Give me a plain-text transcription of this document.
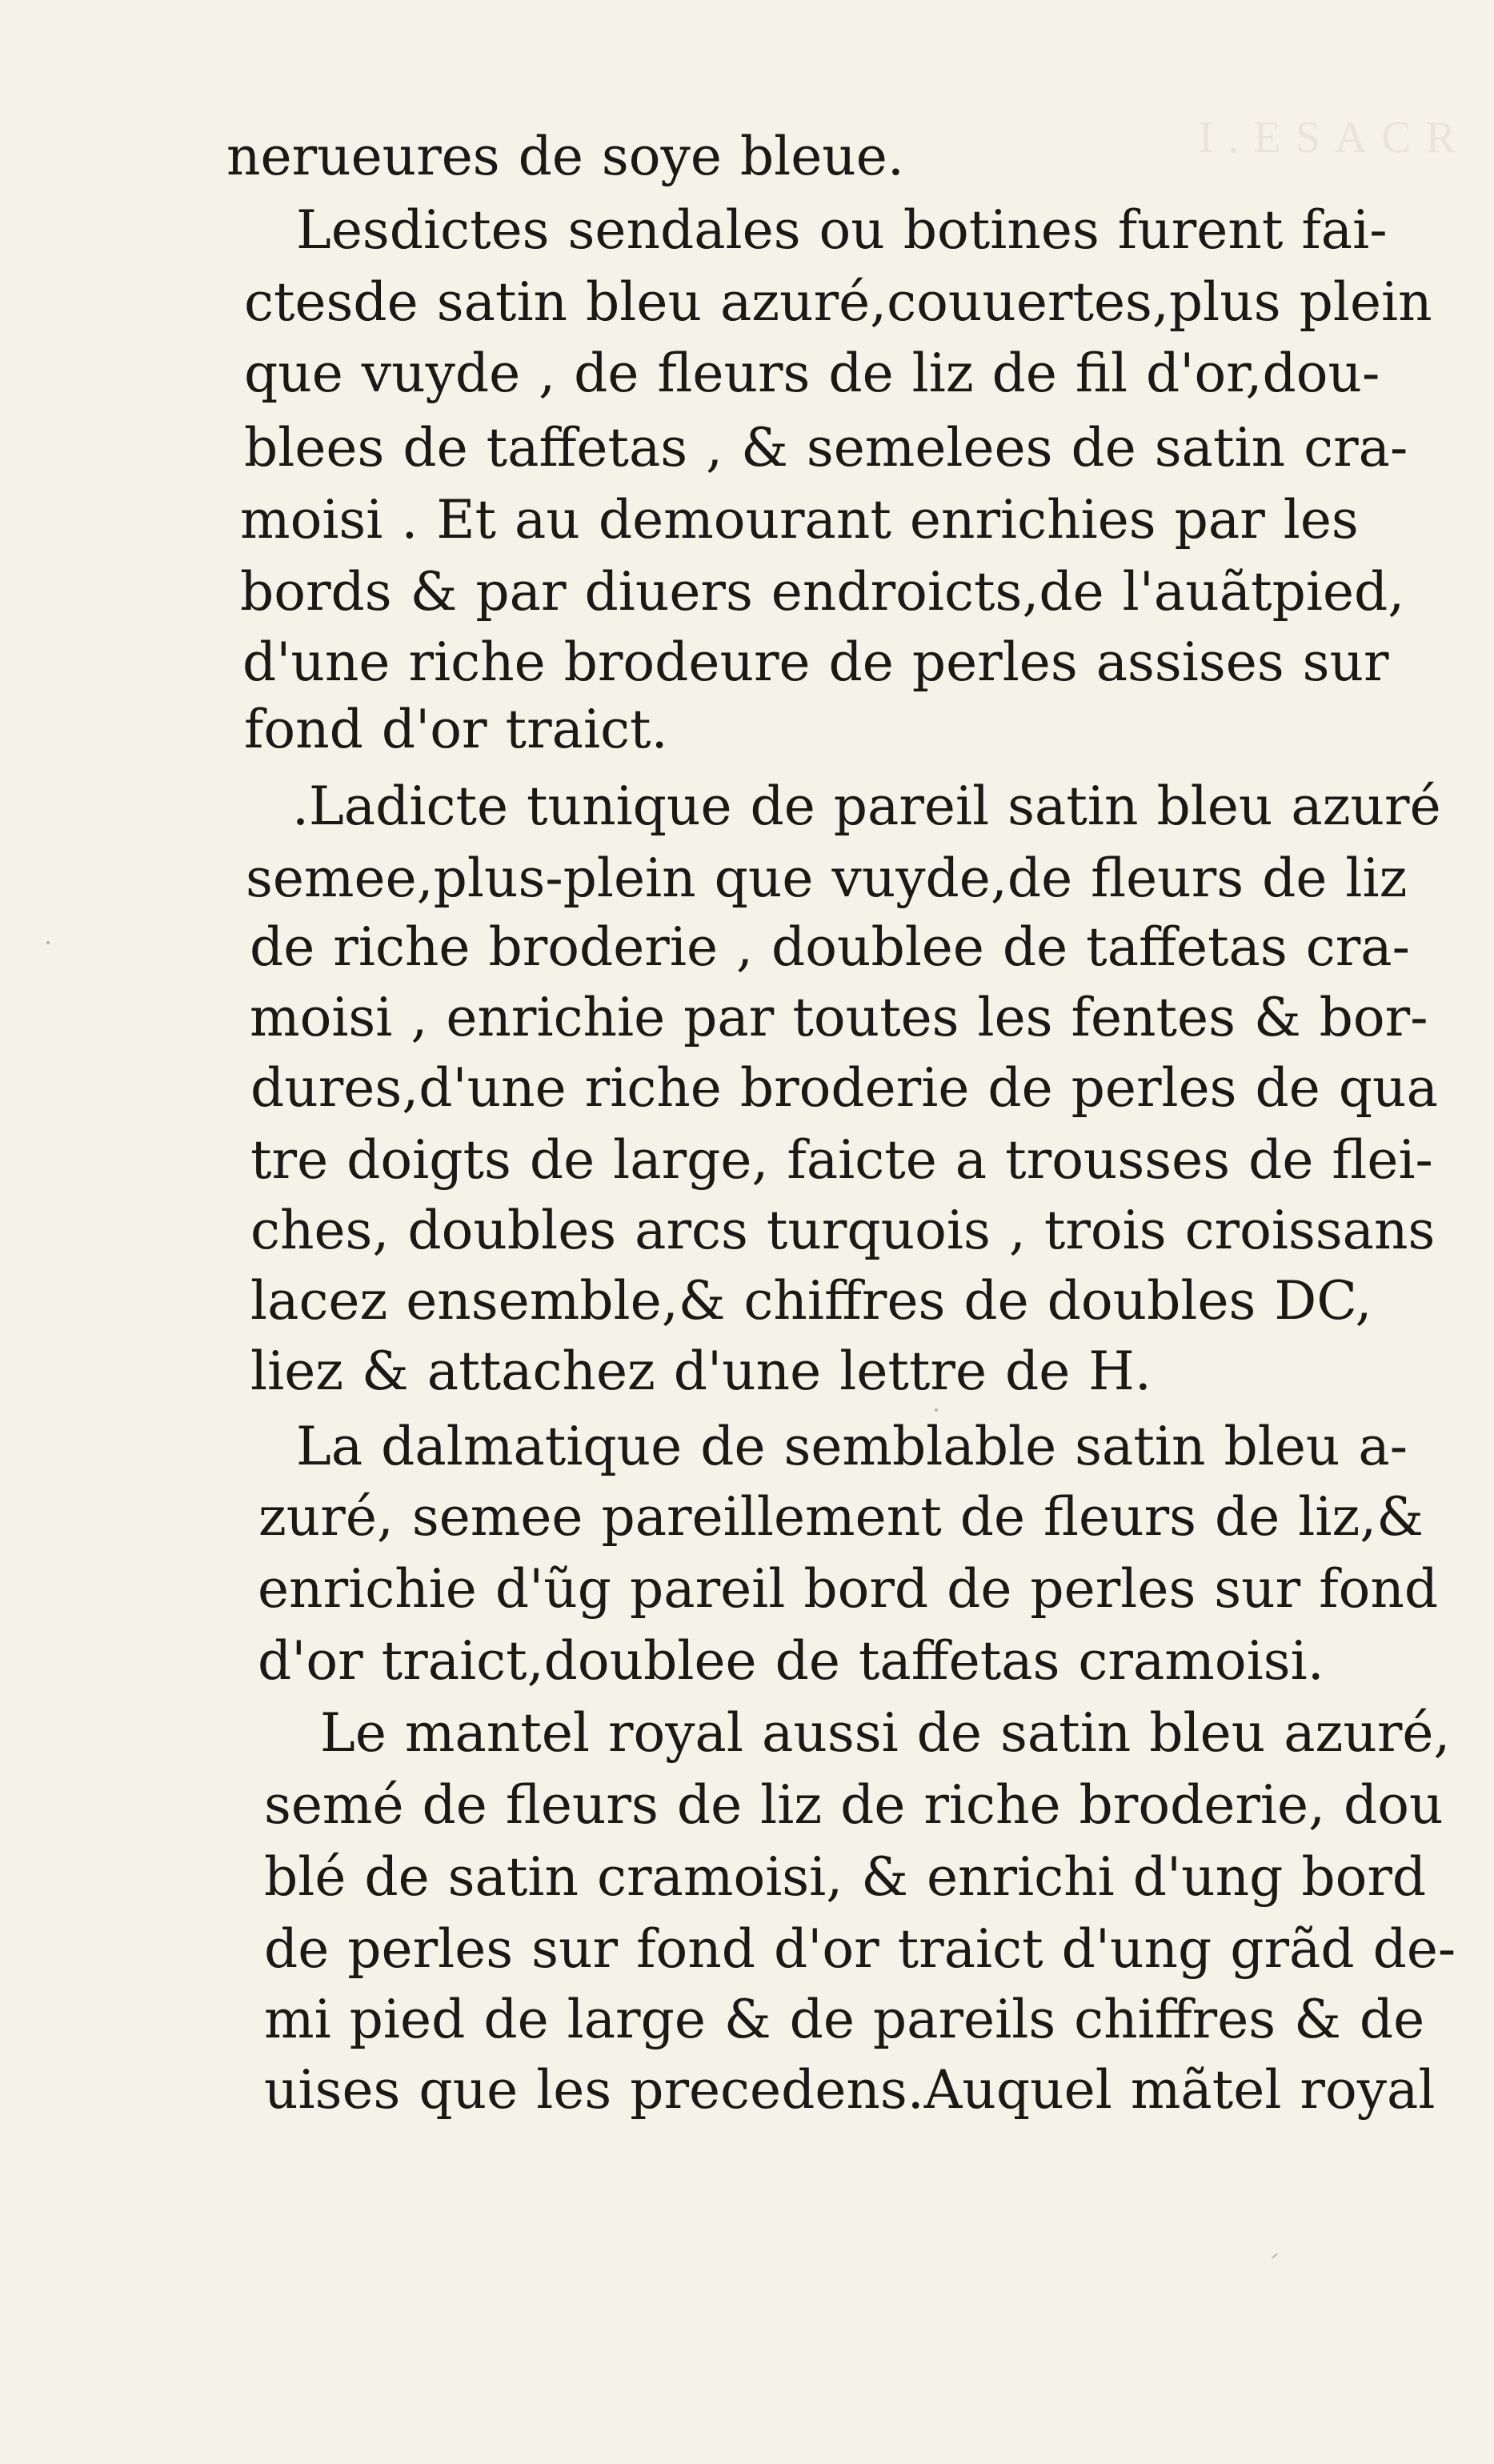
I.ESACR

nerueures de soye bleue.

Lesdictes sendales ou botines furent fai-

ctesde satin bleu azuré,couuertes,plus plein

que vuyde , de fleurs de liz de fil d'or,dou-

blees de taffetas , & semelees de satin cra-

moisi . Et au demourant enrichies par les

bords & par diuers endroicts,de l'auãtpied,

d'une riche brodeure de perles assises sur

fond d'or traict.

.Ladicte tunique de pareil satin bleu azuré

semee,plus-plein que vuyde,de fleurs de liz

de riche broderie , doublee de taffetas cra-

moisi , enrichie par toutes les fentes & bor-

dures,d'une riche broderie de perles de qua

tre doigts de large, faicte a trousses de flei-

ches, doubles arcs turquois , trois croissans

lacez ensemble,& chiffres de doubles DC,

liez & attachez d'une lettre de H.

La dalmatique de semblable satin bleu a-

zuré, semee pareillement de fleurs de liz,&

enrichie d'ũg pareil bord de perles sur fond

d'or traict,doublee de taffetas cramoisi.

Le mantel royal aussi de satin bleu azuré,

semé de fleurs de liz de riche broderie, dou

blé de satin cramoisi, & enrichi d'ung bord

de perles sur fond d'or traict d'ung grãd de-

mi pied de large & de pareils chiffres & de

uises que les precedens.Auquel mãtel royal
